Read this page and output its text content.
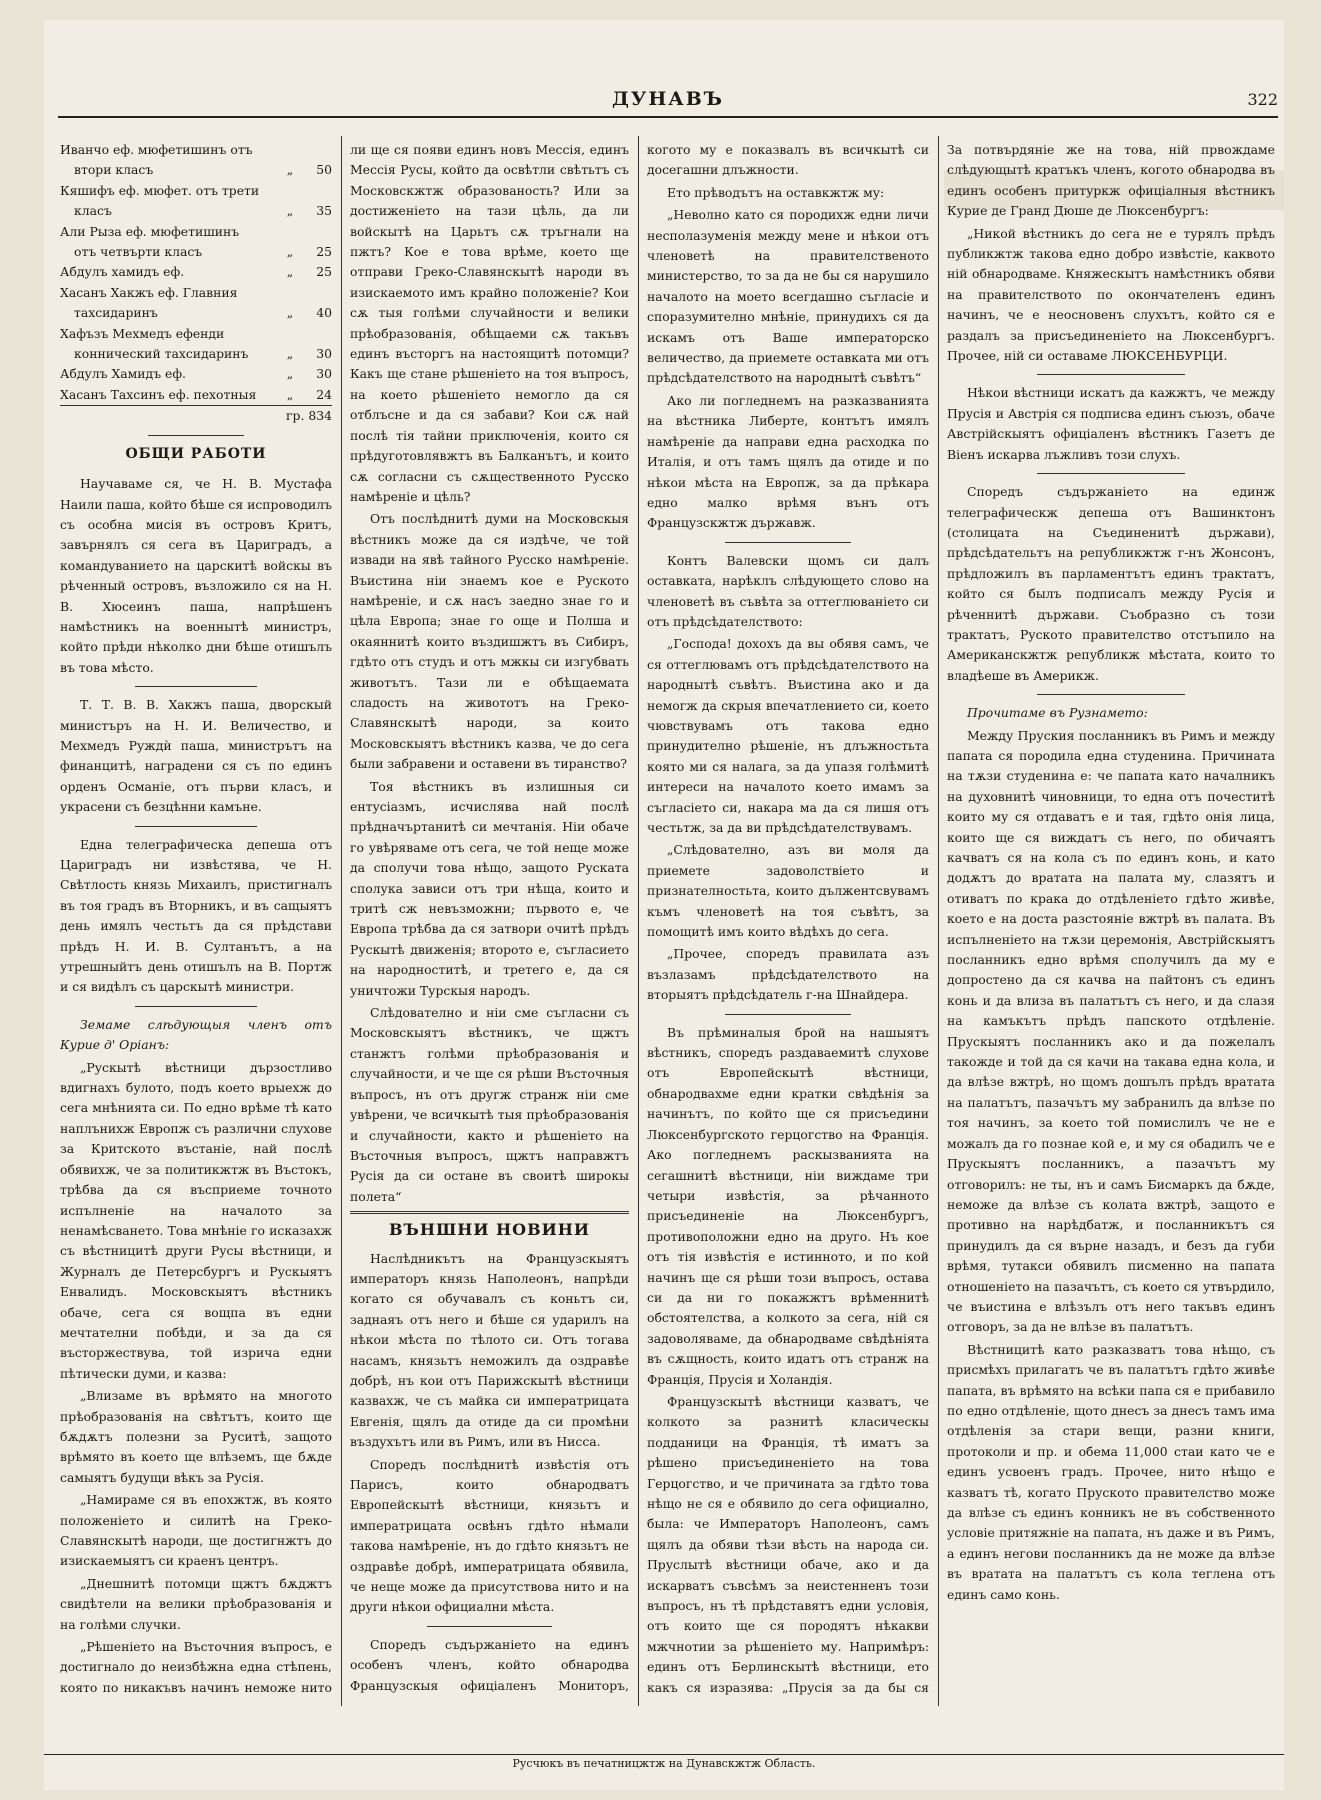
ДУНАВЪ	322
Иванчо еф. мюфетишинъ отъ		
втори класъ	„	50
Кяшифъ еф. мюфет. отъ трети		
класъ	„	35
Али Рыза еф. мюфетишинъ		
отъ четвърти класъ	„	25
Абдулъ хамидъ еф.	„	25
Хасанъ Хакжъ еф. Главния		
тахсидаринъ	„	40
Хафъзъ Мехмедъ ефенди		
коннический тахсидаринъ	„	30
Абдулъ Хамидъ еф.	„	30
Хасанъ Тахсинъ еф. пехотныя	„	24
гр. 834		
ОБЩИ РАБОТИ

Научаваме ся, че Н. В. Мустафа Наили паша, който бѣше ся испроводилъ съ особна мисія въ островъ Критъ, завърнялъ ся сега въ Цариградъ, а командуванието на царскитѣ войскы въ рѣченный островъ, възложило ся на Н. В. Хюсеинъ паша, напрѣшенъ намѣстникъ на военнытѣ министръ, който прѣди нѣколко дни бѣше отишълъ въ това мѣсто.

Т. Т. В. В. Хакжъ паша, дворскый министъръ на Н. И. Величество, и Мехмедъ Руждѝ паша, министрътъ на финанцитѣ, наградени ся съ по единъ орденъ Османіе, отъ първи класъ, и украсени съ безцѣнни камъне.

Една телеграфическа депеша отъ Цариградъ ни извѣстява, че Н. Свѣтлость князь Михаилъ, пристигналъ въ тоя градъ въ Вторникъ, и въ сащыятъ день имялъ честьтъ да ся прѣдстави прѣдъ Н. И. В. Султанътъ, а на утрешныйтъ день отишълъ на В. Портж и ся видѣлъ съ царскытѣ министри.

Земаме слѣдующыя членъ отъ Курие д' Оріанъ:

„Рускытѣ вѣстници дързостливо вдигнахъ булото, подъ което врыехж до сега мнѣнията си. По едно врѣме тѣ като наплънихж Европж съ различни слухове за Критското въстаніе, най послѣ обявихж, че за политикжтж въ Въстокъ, трѣбва да ся въсприеме точното испълненіе на началото за ненамѣсването. Това мнѣніе го исказахж съ вѣстницитѣ други Русы вѣстници, и Журналъ де Петерсбургъ и Рускыятъ Енвалидъ. Московскыятъ вѣстникъ обаче, сега ся вoщпа въ едни мечтателни побѣди, и за да ся въсторжествува, той изрича едни пѣтически думи, и казва:

„Влизаме въ врѣмято на многото прѣобразованія на свѣтътъ, които ще бѫдѫтъ полезни за Руситѣ, защото врѣмято въ което ще влѣземъ, ще бѫде самыятъ будущи вѣкъ за Русія.

„Намираме ся въ епохжтж, въ която положеніето и силитѣ на Греко-Славянскытѣ народи, ще достигнжтъ до изискаемыятъ си краенъ центръ.

„Днешнитѣ потомци щжтъ бѫджтъ свидѣтели на велики прѣобразованія и на голѣми случки.

„Рѣшеніето на Въсточния въпросъ, е достигнало до неизбѣжна една стѣпень, която по никакъвъ начинъ неможе нито

ли ще ся появи единъ новъ Мессія, единъ Мессія Русы, който да освѣтли свѣтьтъ съ Московскжтж образованость? Или за достиженіето на тази цѣль, да ли войскытѣ на Царьтъ сѫ тръгнали на пжтъ? Кое е това врѣме, което ще отправи Греко-Славянскытѣ народи въ изискаемото имъ крайно положеніе? Кои сѫ тыя голѣми случайности и велики прѣобразованія, обѣщаеми сѫ такъвъ единъ въсторгъ на настоящитѣ потомци? Какъ ще стане рѣшеніето на тоя въпросъ, на което рѣшеніето немогло да ся отблъсне и да ся забави? Кои сѫ най послѣ тія тайни приключенія, които ся прѣдуготовлявжтъ въ Балканътъ, и които сѫ согласни съ сѫщественното Русско намѣреніе и цѣль?

Отъ послѣднитѣ думи на Московскыя вѣстникъ може да ся издѣче, че той извади на явѣ тайного Русско намѣреніе. Въистина нiи знаемъ кое е Рускoто намѣреніе, и сѫ насъ заедно знае го и цѣла Европа; знае го още и Полша и окаяннитѣ които въздишжтъ въ Сибиръ, гдѣто отъ студъ и отъ мжкы си изгубвать животътъ. Тази ли е обѣщаемата сладость на живототъ на Греко-Славянскытѣ народи, за които Московскыятъ вѣстникъ казва, че до сега были забравени и оставени въ тиранство?

Тоя вѣстникъ въ излишныя си ентусіазмъ, исчислява най послѣ прѣдначъртанитѣ си мечтанія. Нiи обаче го увѣряваме отъ сега, че той неще може да сполучи това нѣщо, защото Руската сполука зависи отъ три нѣща, които и тритѣ сж невъзможни; първото е, че Европа трѣбва да ся затвори очитѣ прѣдъ Рускытѣ движенія; второто е, съгласието на народноститѣ, и третего е, да ся уничтожи Турскыя народъ.

Слѣдователно и нiи сме съгласни съ Московскыятъ вѣстникъ, че щжтъ станжтъ голѣми прѣобразованія и случайности, и че ще ся рѣши Въсточныя въпросъ, нъ отъ другж странж нiи сме увѣрени, че всичкытѣ тыя прѣобразованія и случайности, както и рѣшеніето на Въсточныя въпросъ, щжтъ направжтъ Русія да си остане въ своитѣ широкы полета“

ВЪНШНИ НОВИНИ

Наслѣдникътъ на Французскыятъ императоръ князь Наполеонъ, напрѣди когато ся обучавалъ съ коньтъ си, заднаяъ отъ него и бѣше ся ударилъ на нѣкои мѣста по тѣлото си. Отъ тогава насамъ, князьтъ неможилъ да оздравѣе добрѣ, нъ кои отъ Парижскытѣ вѣстници казвахж, че съ майка си императрицата Евгенія, щялъ да отиде да си промѣни въздухътъ или въ Римъ, или въ Нисса.

Споредъ послѣднитѣ извѣстія отъ Парисъ, които обнародватъ Европейскытѣ вѣстници, князьтъ и императрицата освѣнъ гдѣто нѣмали такова намѣреніе, нъ до гдѣто князьтъ не оздравѣе добрѣ, императрицата обявила, че нeще може да присутствова нито и на други нѣкои официални мѣста.

Споредъ съдържаніето на единъ особенъ членъ, който обнародва Французскыя офиціаленъ Мониторъ,

когото му е показвалъ въ всичкытѣ си досегашни длъжности.

Ето прѣводътъ на оставкжтж му:

„Неволно като ся породихж едни личи несполазуменія между мене и нѣкои отъ членоветѣ на правителственото министерство, то за да не бы ся нарушило началото на моето всегдашно съгласіе и споразумително мнѣніе, принудихъ ся да искамъ отъ Ваше императорско величество, да приемете оставката ми отъ прѣдсѣдателството на народнытѣ съвѣтъ“

Ако ли погледнемъ на разказванията на вѣстника Либерте, контътъ имялъ намѣреніе да направи една расходка по Италія, и отъ тамъ щялъ да отиде и по нѣкои мѣста на Европж, за да прѣкара едно малко врѣмя вънъ отъ Французскжтж държавж.

Контъ Валевски щомъ си далъ оставката, нарѣклъ слѣдующето слово на членоветѣ въ съвѣта за оттеглюваніето си отъ прѣдсѣдателството:

„Господа! дохохъ да вы обявя самъ, че ся оттеглювамъ отъ прѣдсѣдателството на народнытѣ съвѣтъ. Въистина ако и да немогж да скрыя впечатлението си, което чювствувамъ отъ такова едно принудително рѣшеніе, нъ длъжностьта която ми ся налага, за да упазя голѣмитѣ интереси на началото което имамъ за съгласіето си, накара ма да ся лишя отъ честьтж, за да ви прѣдсѣдателствувамъ.

„Слѣдователно, азъ ви моля да приемете задоволствіето и признателностьта, които дължентсвувамъ къмъ членоветѣ на тоя съвѣтъ, за помощитѣ имъ които вѣдѣхъ до сега.

„Прочее, споредъ правилата азъ възлазамъ прѣдсѣдателството на вторыятъ прѣдсѣдатель г-на Шнайдера.

Въ прѣминалыя брой на нашыятъ вѣстникъ, споредъ раздаваемитѣ слухове отъ Европейскытѣ вѣстници, обнародвахме едни кратки свѣдѣнія за начинътъ, по който ще ся присъедини Люксенбургското герцогство на Францiя. Ако погледнемъ раскызванията на сегашнитѣ вѣстници, нiи виждаме три четыри извѣстія, за рѣчанното присъединеніе на Люксенбургъ, противоположни едно на друго. Нъ кое отъ тія извѣстія е истинното, и по кой начинъ ще ся рѣши този въпросъ, остава си да ни го покажжтъ врѣменнитѣ обстоятелства, а колкото за сега, нiй ся задоволяваме, да обнародваме свѣдѣнiята въ сѫщность, които идатъ отъ странж на Франція, Прусія и Холандія.

Французскытѣ вѣстници казватъ, че колкото за разнитѣ класическы подданици на Франція, тѣ иматъ за рѣшено присъединеніето на това Герцогство, и че причината за гдѣто това нѣщо не ся е обявило до сега официално, была: че Императоръ Наполеонъ, самъ щялъ да обяви тѣзи вѣсть на народа си. Пруслытѣ вѣстници обаче, ако и да искарватъ съвсѣмъ за неистенненъ този въпросъ, нъ тѣ прѣдставятъ едни условія, отъ които ще ся породятъ нѣкакви мжчнотии за рѣшеніето му. Напримѣръ: единъ отъ Берлинскытѣ вѣстници, ето какъ ся изразява: „Прусія за да бы ся

За потвърдяніе же на това, нiй првождаме слѣдующытѣ кратъкъ членъ, когото обнародва въ единъ особенъ притуркж офиціалныя вѣстникъ Курие де Гранд Дюше де Люксенбургъ:

„Никой вѣстникъ до сега не е турялъ прѣдъ публикжтж такова едно добро извѣстіе, каквото нiй обнародваме. Княжескытъ намѣстникъ обяви на правителството по окончателенъ единъ начинъ, че е неосновенъ слухътъ, който ся е раздалъ за присъединеніето на Люксенбургъ. Прочее, нiй си оставаме ЛЮКСЕНБУРЦИ.

Нѣкои вѣстници искатъ да кажжтъ, че между Прусія и Австрія ся подписва единъ съюзъ, обаче Австрійскыятъ офиціаленъ вѣстникъ Газетъ де Віенъ искарва лъжливъ този слухъ.

Споредъ съдържаніето на единж телеграфическж депеша отъ Вашинктонъ (столицата на Съединенитѣ държави), прѣдсѣдательтъ на републикжтж г-нъ Жонсонъ, прѣдложилъ въ парламентътъ единъ трактатъ, който ся былъ подписалъ между Русія и рѣченнитѣ държави. Съобразно съ този трактатъ, Руското правителство отстъпило на Американскжтж републикж мѣстата, които то владѣеше въ Америкж.

Прочитаме въ Рузнамето:

Между Пруския посланникъ въ Римъ и между папата ся породила една студенина. Причината на тѫзи студенина е: че папата като началникъ на духовнитѣ чиновници, то една отъ почеститѣ които му ся отдаватъ е и тая, гдѣто онія лица, които ще ся виждатъ съ него, по обичаятъ качватъ ся на кола съ по единъ конь, и като додѫтъ до вратата на палата му, слазятъ и отиватъ по крака до отдѣленіето гдѣто живѣе, което е на доста разстояніе вжтрѣ въ палата. Въ испълненіето на тѫзи церемонія, Австрійскыятъ посланникъ едно врѣмя сполучилъ да му е допростено да ся качва на пайтонъ съ единъ конь и да влиза въ палатътъ съ него, и да слазя на камъкътъ прѣдъ папското отдѣленіе. Прускыятъ посланникъ ако и да пожелалъ такожде и той да ся качи на такава една кола, и да влѣзе вжтрѣ, но щомъ дошълъ прѣдъ вратата на палатътъ, пазачътъ му забранилъ да влѣзе по тоя начинъ, за което той помислилъ че не е можалъ да го познае кой е, и му ся обадилъ че е Прускыятъ посланникъ, а пазачътъ му отговорилъ: не ты, нъ и самъ Бисмаркъ да бѫде, неможе да влѣзе съ колата вжтрѣ, защото е противно на нарѣдбатж, и посланникътъ ся принудилъ да ся върне назадъ, и безъ да губи врѣмя, тутакси обявилъ писменно на папата отношеніето на пазачътъ, съ което ся утвърдило, че въистина е влѣзълъ отъ него такъвъ единъ отговоръ, за да не влѣзе въ палатътъ.

Вѣстницитѣ като разказватъ това нѣщо, съ присмѣхъ прилагатъ че въ палатътъ гдѣто живѣе папата, въ врѣмято на всѣки папа ся е прибавило по едно отдѣленіе, щото днесъ за днесъ тамъ има отдѣленія за стари вещи, разни книги, протоколи и пр. и обема 11,000 стаи като че е единъ усвоенъ градъ. Прочее, нито нѣщо е казватъ тѣ, когато Прускoто правителство може да влѣзе съ единъ конникъ не въ собственното условіе притяжніе на папата, нъ даже и въ Римъ, а единъ негови посланникъ да не може да влѣзе въ вратата на палатътъ съ кола теглена отъ единъ само конь.

Русчюкъ въ печатницжтж на Дунавскжтж Область.
